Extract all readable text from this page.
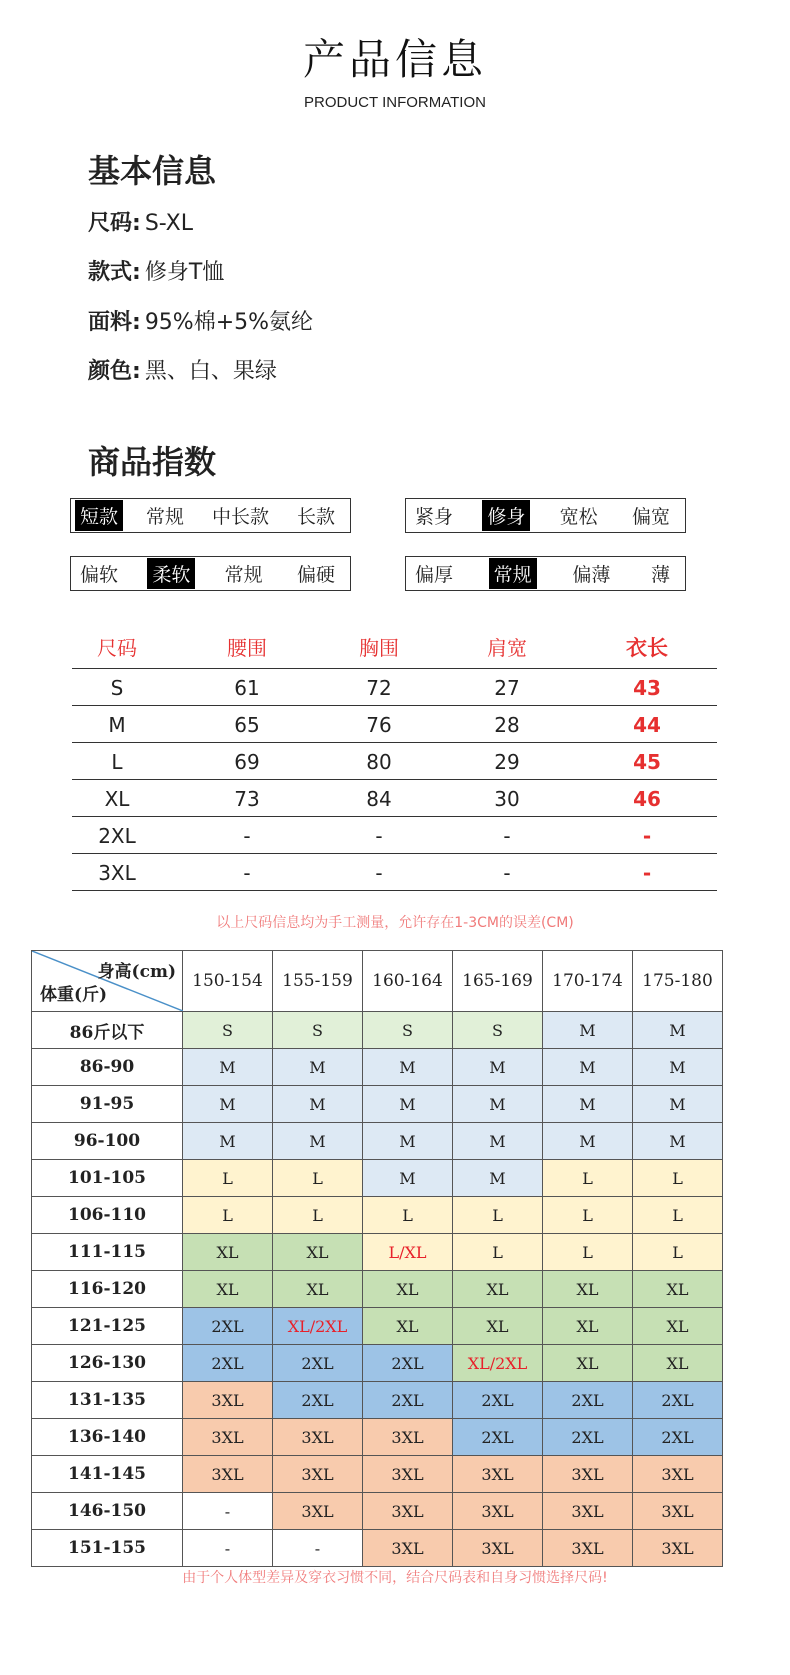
产品信息
PRODUCT INFORMATION
基本信息
尺码: S-XL
款式: 修身T恤
面料: 95%棉+5%氨纶
颜色: 黑、白、果绿
商品指数
短款 常规 中长款 长款	紧身 修身 宽松 偏宽
偏软 柔软 常规 偏硬	偏厚 常规 偏薄 薄
尺码	腰围	胸围	肩宽	衣长
S	61	72	27	43
M	65	76	28	44
L	69	80	29	45
XL	73	84	30	46
2XL	-	-	-	-
3XL	-	-	-	-
以上尺码信息均为手工测量，允许存在1-3CM的误差(CM)
身高(cm)
体重(斤)	150-154	155-159	160-164	165-169	170-174	175-180
86斤以下	S	S	S	S	M	M
86-90	M	M	M	M	M	M
91-95	M	M	M	M	M	M
96-100	M	M	M	M	M	M
101-105	L	L	M	M	L	L
106-110	L	L	L	L	L	L
111-115	XL	XL	L/XL	L	L	L
116-120	XL	XL	XL	XL	XL	XL
121-125	2XL	XL/2XL	XL	XL	XL	XL
126-130	2XL	2XL	2XL	XL/2XL	XL	XL
131-135	3XL	2XL	2XL	2XL	2XL	2XL
136-140	3XL	3XL	3XL	2XL	2XL	2XL
141-145	3XL	3XL	3XL	3XL	3XL	3XL
146-150	-	3XL	3XL	3XL	3XL	3XL
151-155	-	-	3XL	3XL	3XL	3XL
由于个人体型差异及穿衣习惯不同，结合尺码表和自身习惯选择尺码!
